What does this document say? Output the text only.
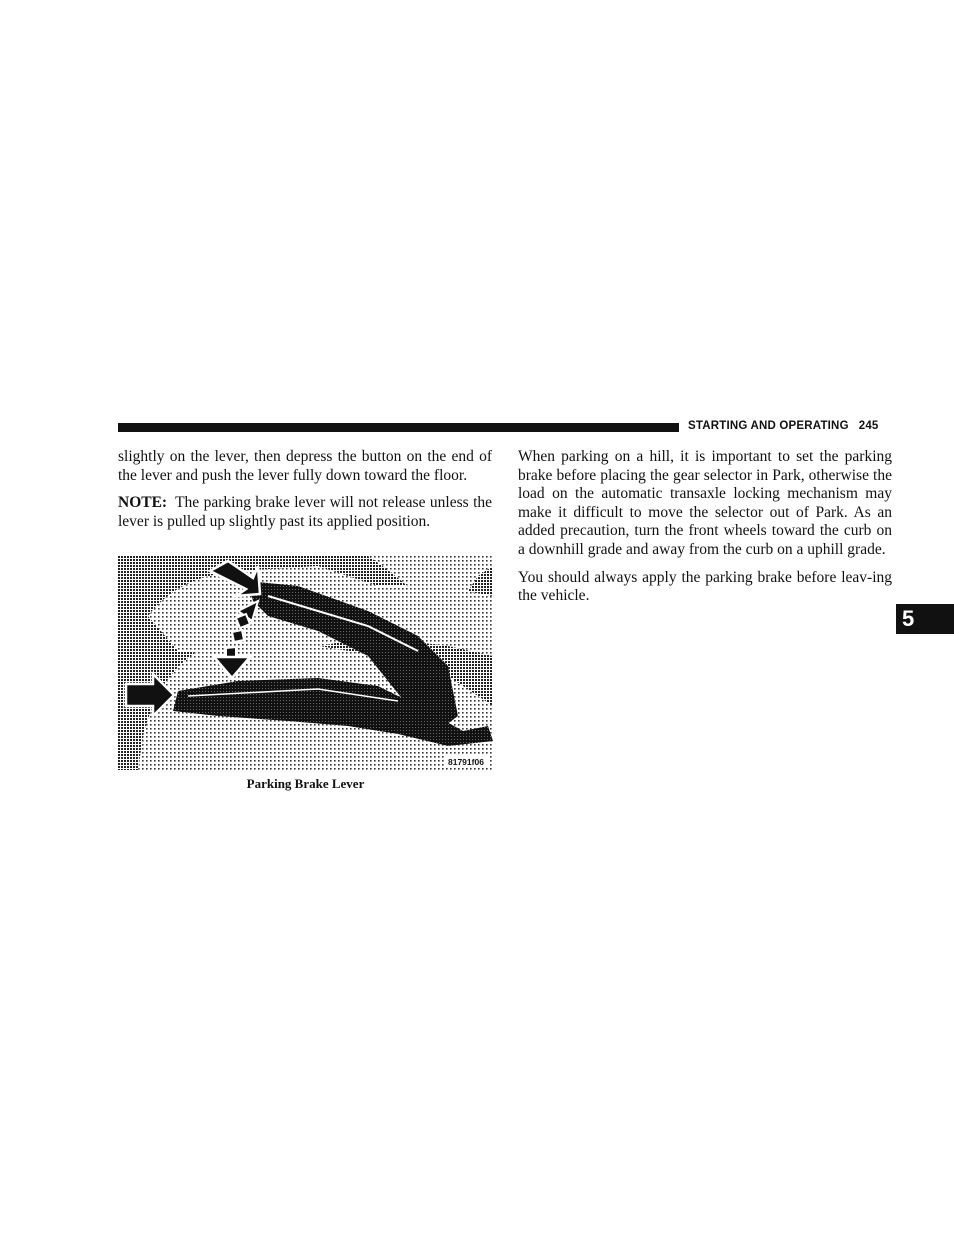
STARTING AND OPERATING 245

slightly on the lever, then depress the button on the end of the lever and push the lever fully down toward the floor.

NOTE: The parking brake lever will not release unless the lever is pulled up slightly past its applied position.

81791f06
Parking Brake Lever

When parking on a hill, it is important to set the parking brake before placing the gear selector in Park, otherwise the load on the automatic transaxle locking mechanism may make it difficult to move the selector out of Park. As an added precaution, turn the front wheels toward the curb on a downhill grade and away from the curb on a uphill grade.

You should always apply the parking brake before leav-ing the vehicle.

5
